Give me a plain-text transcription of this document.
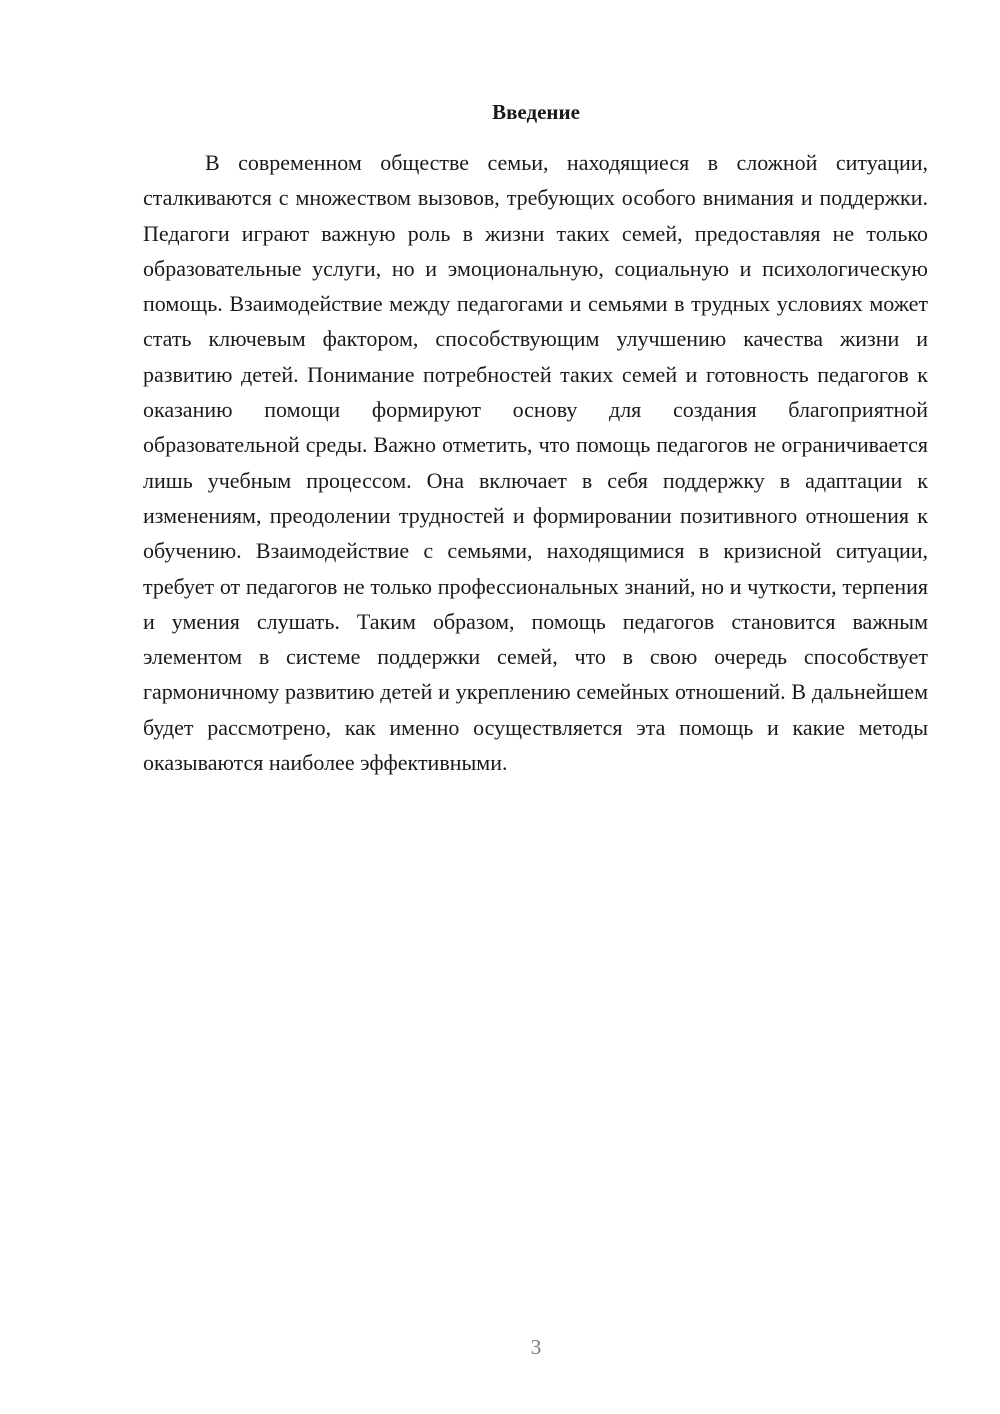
Введение

В современном обществе семьи, находящиеся в сложной ситуации, сталкиваются с множеством вызовов, требующих особого внимания и поддержки. Педагоги играют важную роль в жизни таких семей, предоставляя не только образовательные услуги, но и эмоциональную, социальную и психологическую помощь. Взаимодействие между педагогами и семьями в трудных условиях может стать ключевым фактором, способствующим улучшению качества жизни и развитию детей. Понимание потребностей таких семей и готовность педагогов к оказанию помощи формируют основу для создания благоприятной образовательной среды. Важно отметить, что помощь педагогов не ограничивается лишь учебным процессом. Она включает в себя поддержку в адаптации к изменениям, преодолении трудностей и формировании позитивного отношения к обучению. Взаимодействие с семьями, находящимися в кризисной ситуации, требует от педагогов не только профессиональных знаний, но и чуткости, терпения и умения слушать. Таким образом, помощь педагогов становится важным элементом в системе поддержки семей, что в свою очередь способствует гармоничному развитию детей и укреплению семейных отношений. В дальнейшем будет рассмотрено, как именно осуществляется эта помощь и какие методы оказываются наиболее эффективными.

3
